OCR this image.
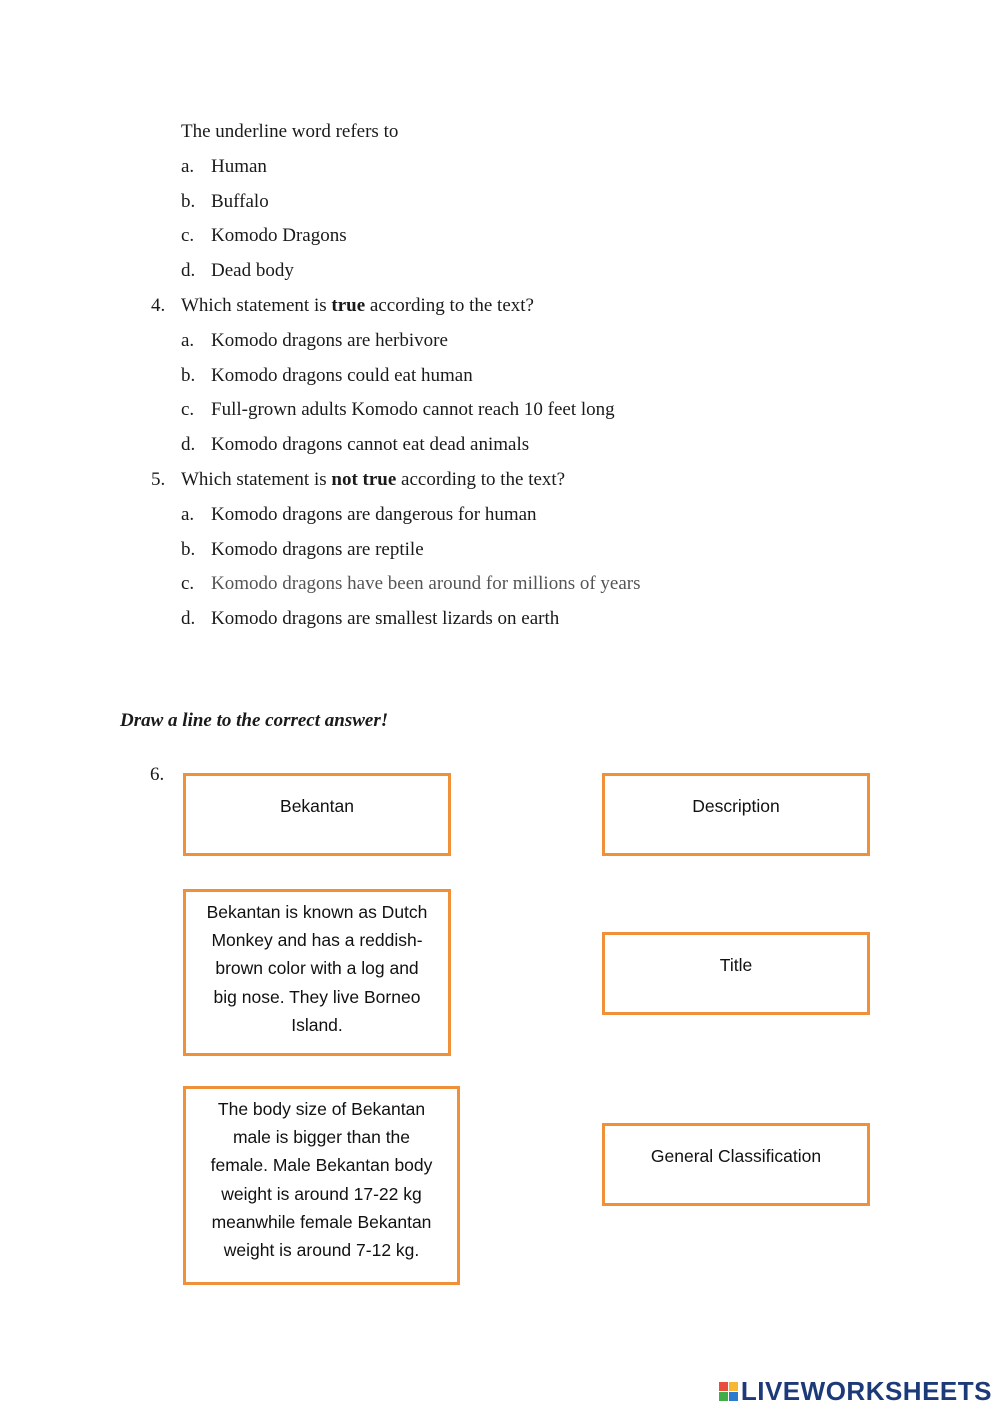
The underline word refers to
a. Human
b. Buffalo
c. Komodo Dragons
d. Dead body
4. Which statement is true according to the text?
a. Komodo dragons are herbivore
b. Komodo dragons could eat human
c. Full-grown adults Komodo cannot reach 10 feet long
d. Komodo dragons cannot eat dead animals
5. Which statement is not true according to the text?
a. Komodo dragons are dangerous for human
b. Komodo dragons are reptile
c. Komodo dragons have been around for millions of years
d. Komodo dragons are smallest lizards on earth
Draw a line to the correct answer!
6.
Bekantan
Bekantan is known as Dutch
Monkey and has a reddish-
brown color with a log and
big nose. They live Borneo
Island.
The body size of Bekantan
male is bigger than the
female. Male Bekantan body
weight is around 17-22 kg
meanwhile female Bekantan
weight is around 7-12 kg.
Description
Title
General Classification
LIVEWORKSHEETS
